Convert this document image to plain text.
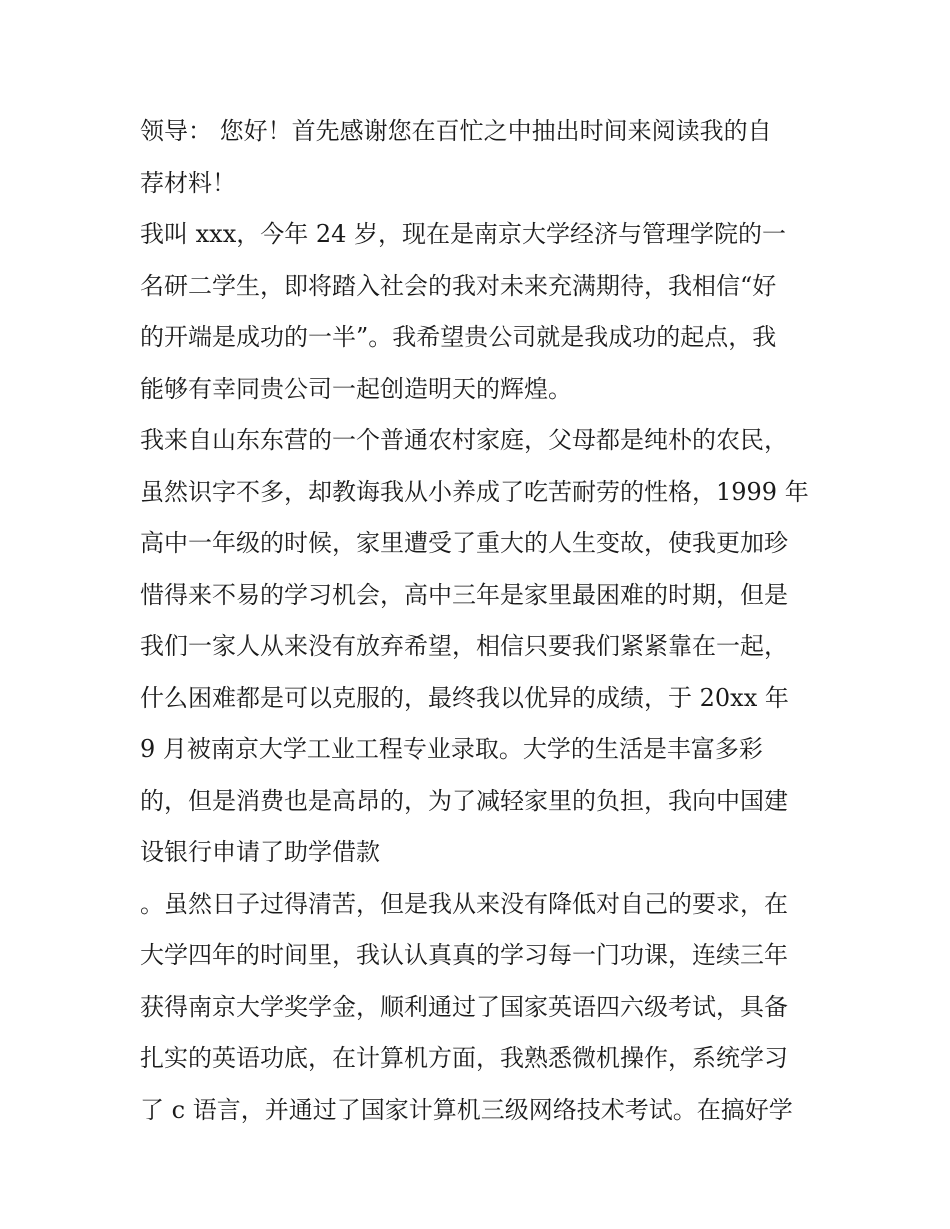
领导： 您好！首先感谢您在百忙之中抽出时间来阅读我的自
荐材料！
我叫 xxx，今年 24 岁，现在是南京大学经济与管理学院的一
名研二学生，即将踏入社会的我对未来充满期待，我相信“好
的开端是成功的一半”。我希望贵公司就是我成功的起点，我
能够有幸同贵公司一起创造明天的辉煌。
我来自山东东营的一个普通农村家庭，父母都是纯朴的农民，
虽然识字不多，却教诲我从小养成了吃苦耐劳的性格，1999 年
高中一年级的时候，家里遭受了重大的人生变故，使我更加珍
惜得来不易的学习机会，高中三年是家里最困难的时期，但是
我们一家人从来没有放弃希望，相信只要我们紧紧靠在一起，
什么困难都是可以克服的，最终我以优异的成绩，于 20xx 年
9 月被南京大学工业工程专业录取。大学的生活是丰富多彩
的，但是消费也是高昂的，为了减轻家里的负担，我向中国建
设银行申请了助学借款
。虽然日子过得清苦，但是我从来没有降低对自己的要求，在
大学四年的时间里，我认认真真的学习每一门功课，连续三年
获得南京大学奖学金，顺利通过了国家英语四六级考试，具备
扎实的英语功底，在计算机方面，我熟悉微机操作，系统学习
了 c 语言，并通过了国家计算机三级网络技术考试。在搞好学
